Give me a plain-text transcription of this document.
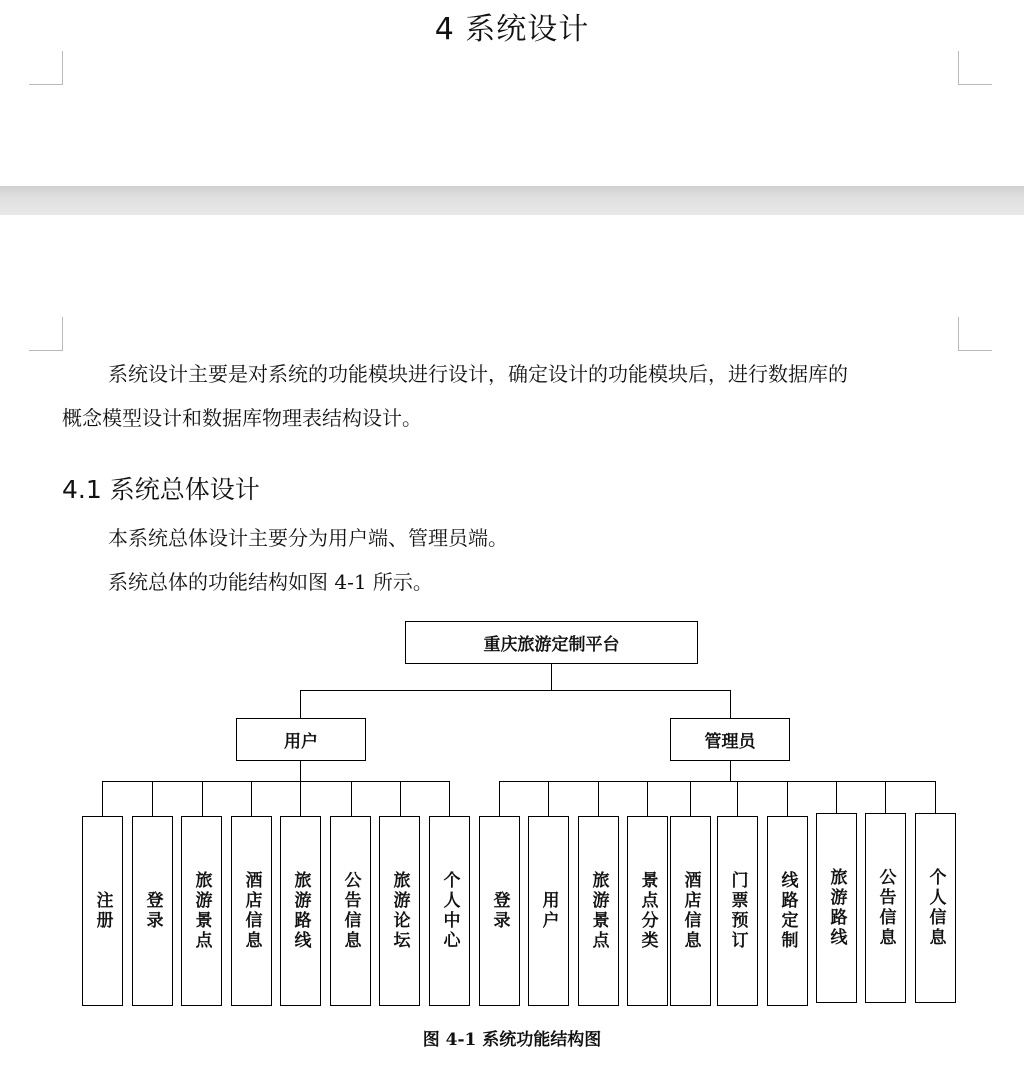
4 系统设计
系统设计主要是对系统的功能模块进行设计，确定设计的功能模块后，进行数据库的
概念模型设计和数据库物理表结构设计。
4.1 系统总体设计
本系统总体设计主要分为用户端、管理员端。
系统总体的功能结构如图 4-1 所示。
重庆旅游定制平台
用户	管理员
注册	登录	旅游景点	酒店信息	旅游路线	公告信息	旅游论坛	个人中心	登录	用户	旅游景点	景点分类	酒店信息	门票预订	线路定制	旅游路线	公告信息	个人信息
图 4-1 系统功能结构图
